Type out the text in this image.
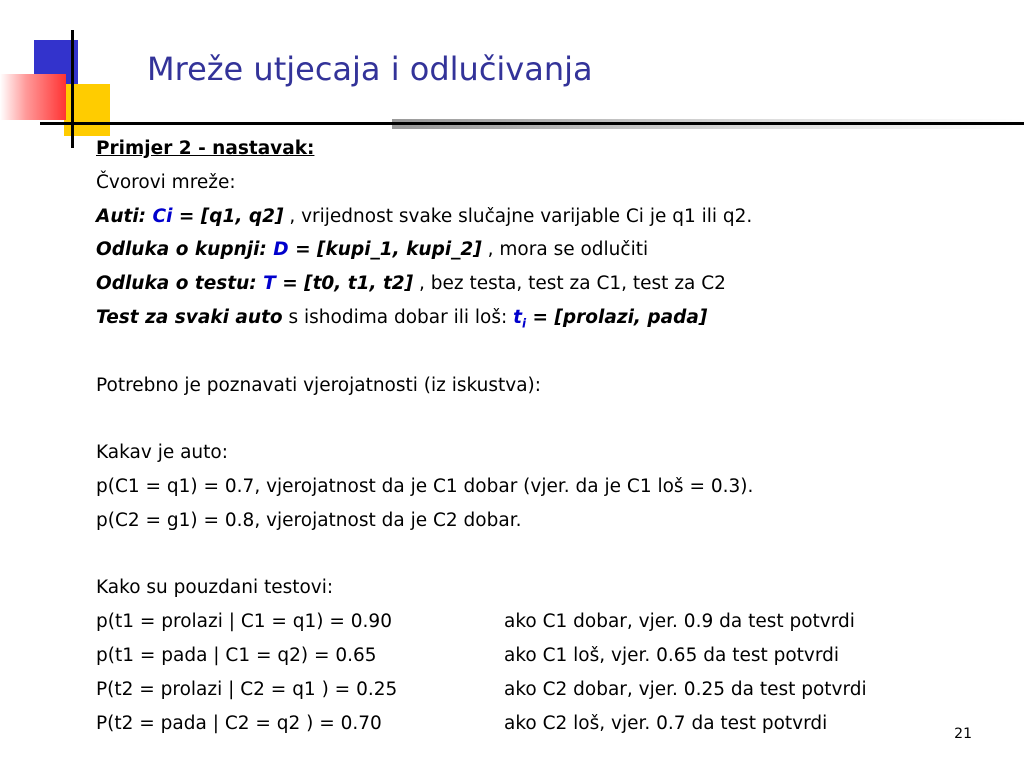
Mreže utjecaja i odlučivanja
Primjer 2 - nastavak:
Čvorovi mreže:
Auti: Ci = [q1, q2] , vrijednost svake slučajne varijable Ci je q1 ili q2.
Odluka o kupnji: D = [kupi_1, kupi_2] , mora se odlučiti
Odluka o testu: T = [t0, t1, t2] , bez testa, test za C1, test za C2
Test za svaki auto s ishodima dobar ili loš: $t_i$ = [prolazi, pada]
Potrebno je poznavati vjerojatnosti (iz iskustva):
Kakav je auto:
p(C1 = q1) = 0.7, vjerojatnost da je C1 dobar (vjer. da je C1 loš = 0.3).
p(C2 = g1) = 0.8, vjerojatnost da je C2 dobar.
Kako su pouzdani testovi:
p(t1 = prolazi | C1 = q1) = 0.90	ako C1 dobar, vjer. 0.9 da test potvrdi
p(t1 = pada | C1 = q2) = 0.65	ako C1 loš, vjer. 0.65 da test potvrdi
P(t2 = prolazi | C2 = q1 ) = 0.25	ako C2 dobar, vjer. 0.25 da test potvrdi
P(t2 = pada | C2 = q2 ) = 0.70	ako C2 loš, vjer. 0.7 da test potvrdi
21
